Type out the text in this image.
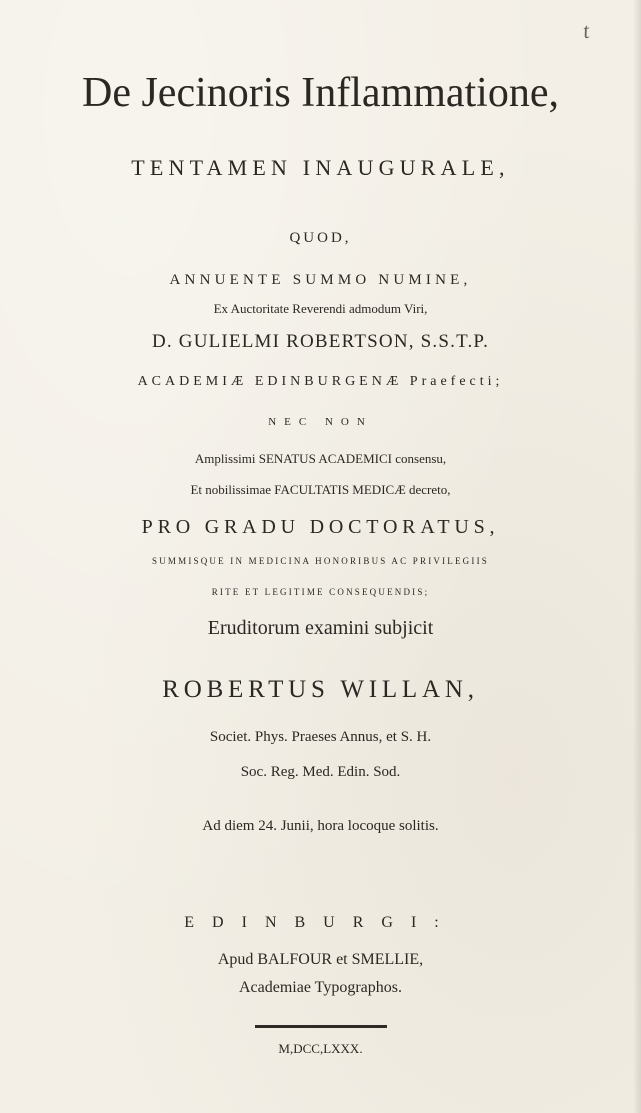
t
De Jecinoris Inflammatione,
TENTAMEN INAUGURALE,
QUOD,
ANNUENTE SUMMO NUMINE,
Ex Auctoritate Reverendi admodum Viri,
D. GULIELMI ROBERTSON, S.S.T.P.
ACADEMIÆ EDINBURGENÆ Praefecti;
NEC NON
Amplissimi SENATUS ACADEMICI consensu,
Et nobilissimae FACULTATIS MEDICÆ decreto,
PRO GRADU DOCTORATUS,
SUMMISQUE IN MEDICINA HONORIBUS AC PRIVILEGIIS
RITE ET LEGITIME CONSEQUENDIS;
Eruditorum examini subjicit
ROBERTUS WILLAN,
Societ. Phys. Praeses Annus, et S. H.
Soc. Reg. Med. Edin. Sod.
Ad diem 24. Junii, hora locoque solitis.
EDINBURGI:
Apud BALFOUR et SMELLIE,
Academiae Typographos.
M,DCC,LXXX.
